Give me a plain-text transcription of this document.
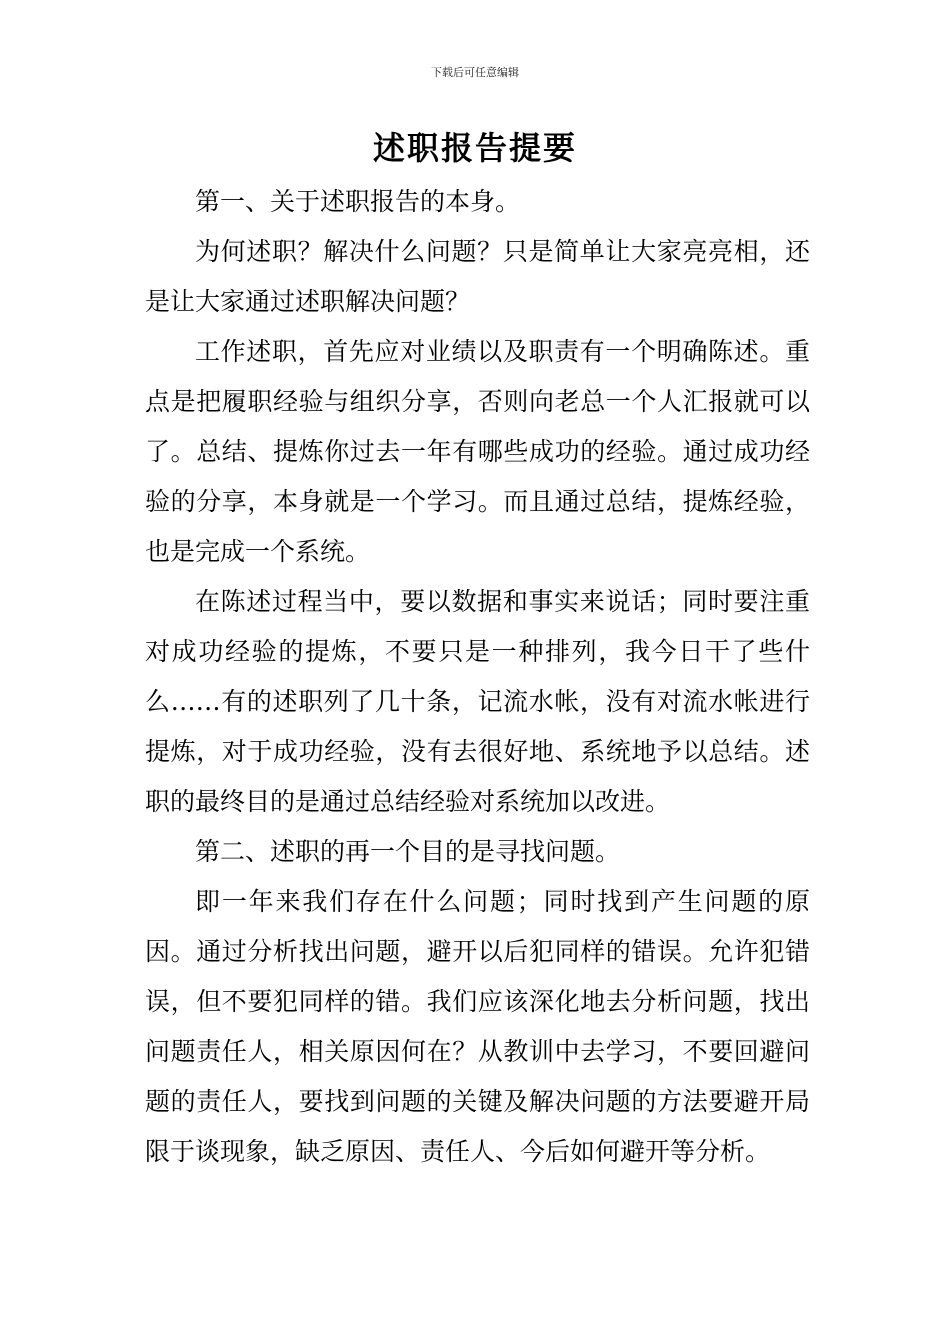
下载后可任意编辑
述职报告提要

第一、关于述职报告的本身。

为何述职？解决什么问题？只是简单让大家亮亮相，还是让大家通过述职解决问题？

工作述职，首先应对业绩以及职责有一个明确陈述。重点是把履职经验与组织分享，否则向老总一个人汇报就可以了。总结、提炼你过去一年有哪些成功的经验。通过成功经验的分享，本身就是一个学习。而且通过总结，提炼经验，也是完成一个系统。

在陈述过程当中，要以数据和事实来说话；同时要注重对成功经验的提炼，不要只是一种排列，我今日干了些什么……有的述职列了几十条，记流水帐，没有对流水帐进行提炼，对于成功经验，没有去很好地、系统地予以总结。述职的最终目的是通过总结经验对系统加以改进。

第二、述职的再一个目的是寻找问题。

即一年来我们存在什么问题；同时找到产生问题的原因。通过分析找出问题，避开以后犯同样的错误。允许犯错误，但不要犯同样的错。我们应该深化地去分析问题，找出问题责任人，相关原因何在？从教训中去学习，不要回避问题的责任人，要找到问题的关键及解决问题的方法要避开局限于谈现象，缺乏原因、责任人、今后如何避开等分析。
